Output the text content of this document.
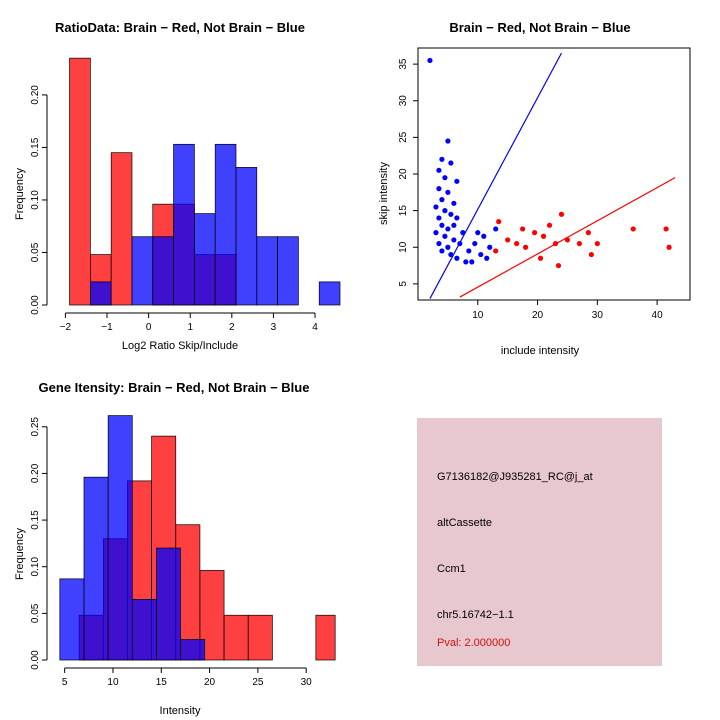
RatioData: Brain − Red, Not Brain − Blue
Frequency
Log2 Ratio Skip/Include
0.00
0.05
0.10
0.15
0.20
−2	−1	0	1	2	3	4
Brain − Red, Not Brain − Blue
skip intensity
include intensity
10	20	30	40
5
10
15
20
25
30
35
Gene Itensity: Brain − Red, Not Brain − Blue
Frequency
Intensity
0.00
0.05
0.10
0.15
0.20
0.25
5	10	15	20	25	30
G7136182@J935281_RC@j_at
altCassette
Ccm1
chr5.16742−1.1
Pval: 2.000000
